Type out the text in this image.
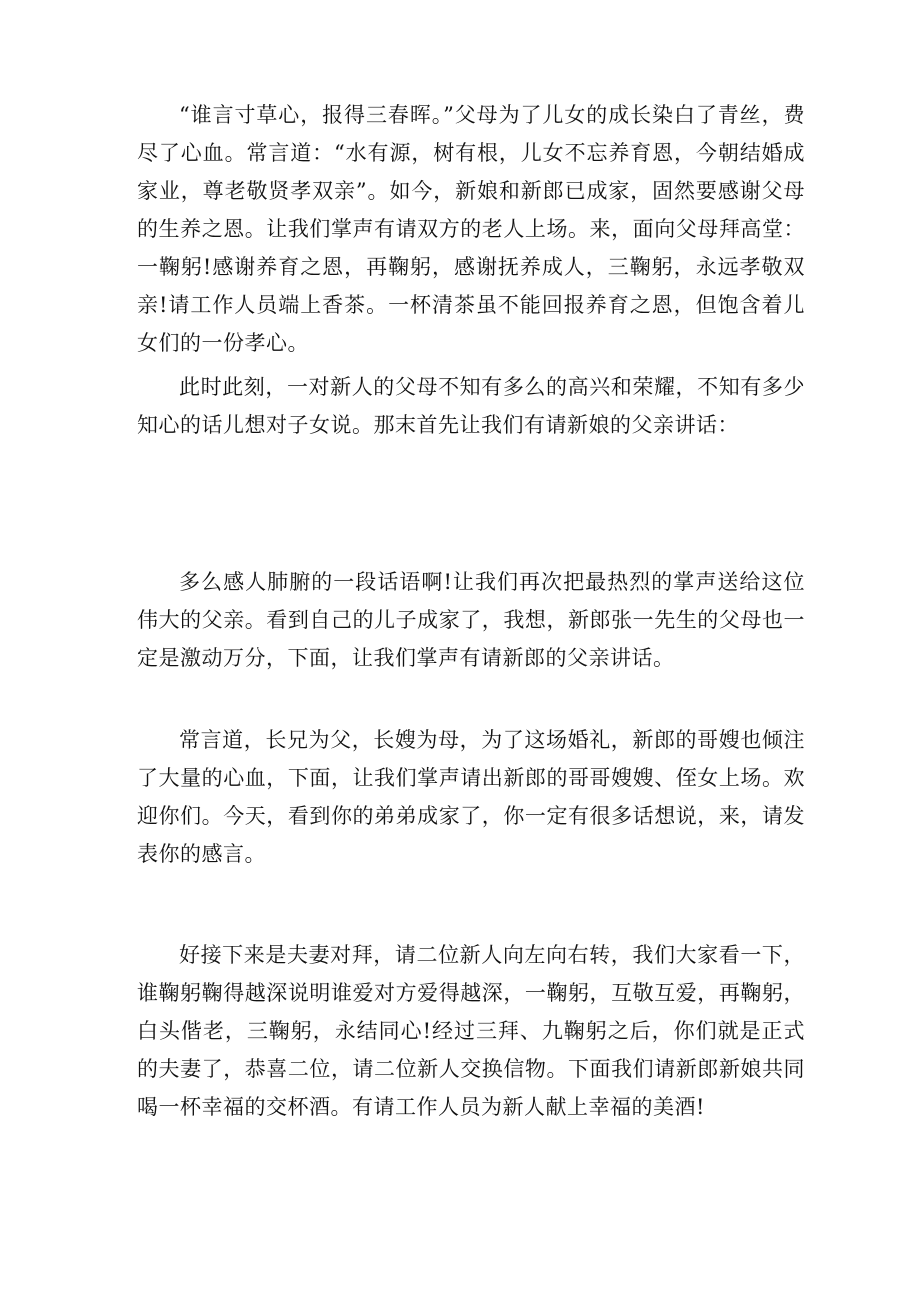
“谁言寸草心，报得三春晖。”父母为了儿女的成长染白了青丝，费尽了心血。常言道：“水有源，树有根，儿女不忘养育恩，今朝结婚成家业，尊老敬贤孝双亲”。如今，新娘和新郎已成家，固然要感谢父母的生养之恩。让我们掌声有请双方的老人上场。来，面向父母拜高堂：一鞠躬!感谢养育之恩，再鞠躬，感谢抚养成人，三鞠躬，永远孝敬双亲!请工作人员端上香茶。一杯清茶虽不能回报养育之恩，但饱含着儿女们的一份孝心。

此时此刻，一对新人的父母不知有多么的高兴和荣耀，不知有多少知心的话儿想对子女说。那末首先让我们有请新娘的父亲讲话：

多么感人肺腑的一段话语啊!让我们再次把最热烈的掌声送给这位伟大的父亲。看到自己的儿子成家了，我想，新郎张一先生的父母也一定是激动万分，下面，让我们掌声有请新郎的父亲讲话。

常言道，长兄为父，长嫂为母，为了这场婚礼，新郎的哥嫂也倾注了大量的心血，下面，让我们掌声请出新郎的哥哥嫂嫂、侄女上场。欢迎你们。今天，看到你的弟弟成家了，你一定有很多话想说，来，请发表你的感言。

好接下来是夫妻对拜，请二位新人向左向右转，我们大家看一下，谁鞠躬鞠得越深说明谁爱对方爱得越深，一鞠躬，互敬互爱，再鞠躬，白头偕老，三鞠躬，永结同心!经过三拜、九鞠躬之后，你们就是正式的夫妻了，恭喜二位，请二位新人交换信物。下面我们请新郎新娘共同喝一杯幸福的交杯酒。有请工作人员为新人献上幸福的美酒!
